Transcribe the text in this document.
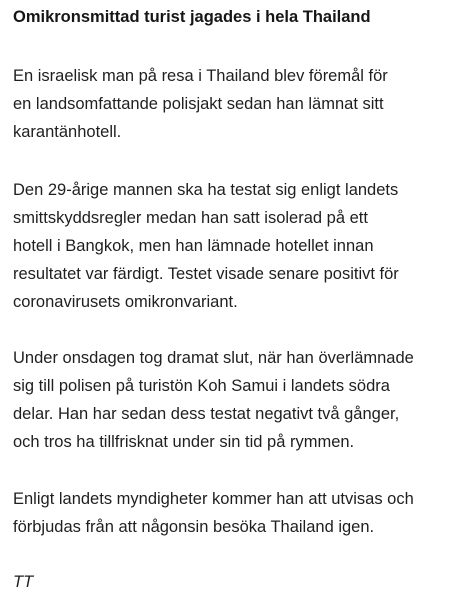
Omikronsmittad turist jagades i hela Thailand

En israelisk man på resa i Thailand blev föremål för
en landsomfattande polisjakt sedan han lämnat sitt
karantänhotell.

Den 29-årige mannen ska ha testat sig enligt landets
smittskyddsregler medan han satt isolerad på ett
hotell i Bangkok, men han lämnade hotellet innan
resultatet var färdigt. Testet visade senare positivt för
coronavirusets omikronvariant.

Under onsdagen tog dramat slut, när han överlämnade
sig till polisen på turistön Koh Samui i landets södra
delar. Han har sedan dess testat negativt två gånger,
och tros ha tillfrisknat under sin tid på rymmen.

Enligt landets myndigheter kommer han att utvisas och
förbjudas från att någonsin besöka Thailand igen.

TT
